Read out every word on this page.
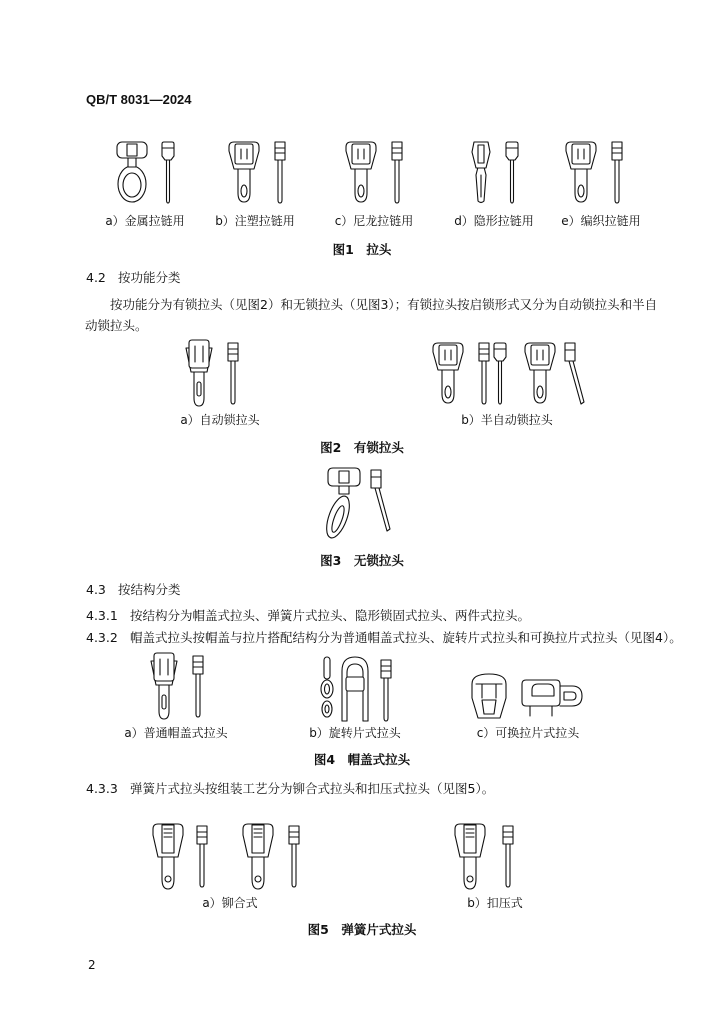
QB/T 8031—2024
a）金属拉链用	b）注塑拉链用	c）尼龙拉链用	d）隐形拉链用	e）编织拉链用
图1　拉头
4.2 按功能分类
按功能分为有锁拉头（见图2）和无锁拉头（见图3）；有锁拉头按启锁形式又分为自动锁拉头和半自动锁拉头。
a）自动锁拉头	b）半自动锁拉头
图2　有锁拉头
图3　无锁拉头
4.3 按结构分类
4.3.1 按结构分为帽盖式拉头、弹簧片式拉头、隐形锁固式拉头、两件式拉头。
4.3.2 帽盖式拉头按帽盖与拉片搭配结构分为普通帽盖式拉头、旋转片式拉头和可换拉片式拉头（见图4）。
a）普通帽盖式拉头	b）旋转片式拉头	c）可换拉片式拉头
图4　帽盖式拉头
4.3.3 弹簧片式拉头按组装工艺分为铆合式拉头和扣压式拉头（见图5）。
a）铆合式	b）扣压式
图5　弹簧片式拉头
2
